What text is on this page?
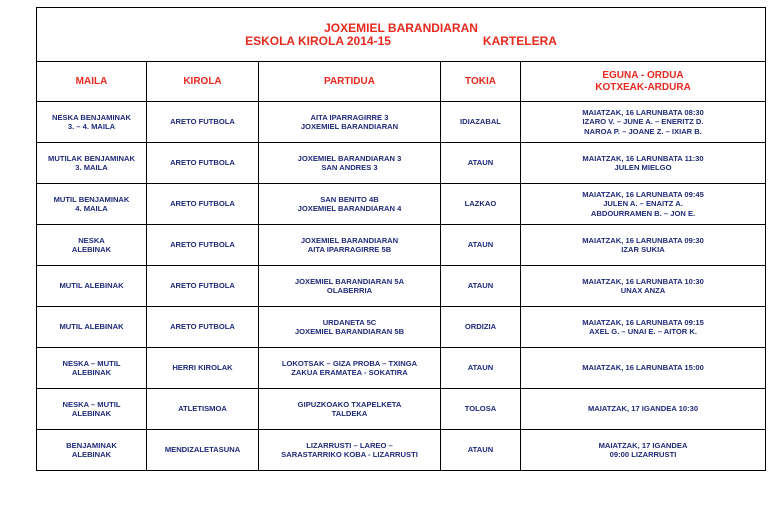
JOXEMIEL BARANDIARAN
ESKOLA KIROLA 2014-15 KARTELERA				

MAILA	KIROLA	PARTIDUA	TOKIA	EGUNA - ORDUA
KOTXEAK-ARDURA

NESKA BENJAMINAK
3. – 4. MAILA	ARETO FUTBOLA	AITA IPARRAGIRRE 3
JOXEMIEL BARANDIARAN	IDIAZABAL	MAIATZAK, 16 LARUNBATA 08:30
IZARO V. – JUNE A. – ENERITZ D.
NAROA P. – JOANE Z. – IXIAR B.

MUTILAK BENJAMINAK
3. MAILA	ARETO FUTBOLA	JOXEMIEL BARANDIARAN 3
SAN ANDRES 3	ATAUN	MAIATZAK, 16 LARUNBATA 11:30
JULEN MIELGO

MUTIL BENJAMINAK
4. MAILA	ARETO FUTBOLA	SAN BENITO 4B
JOXEMIEL BARANDIARAN 4	LAZKAO	MAIATZAK, 16 LARUNBATA 09:45
JULEN A. – ENAITZ A.
ABDOURRAMEN B. – JON E.

NESKA
ALEBINAK	ARETO FUTBOLA	JOXEMIEL BARANDIARAN
AITA IPARRAGIRRE 5B	ATAUN	MAIATZAK, 16 LARUNBATA 09:30
IZAR SUKIA

MUTIL ALEBINAK	ARETO FUTBOLA	JOXEMIEL BARANDIARAN 5A
OLABERRIA	ATAUN	MAIATZAK, 16 LARUNBATA 10:30
UNAX ANZA

MUTIL ALEBINAK	ARETO FUTBOLA	URDANETA 5C
JOXEMIEL BARANDIARAN 5B	ORDIZIA	MAIATZAK, 16 LARUNBATA 09:15
AXEL G. – UNAI E. – AITOR K.

NESKA – MUTIL
ALEBINAK	HERRI KIROLAK	LOKOTSAK – GIZA PROBA – TXINGA
ZAKUA ERAMATEA - SOKATIRA	ATAUN	MAIATZAK, 16 LARUNBATA 15:00

NESKA – MUTIL
ALEBINAK	ATLETISMOA	GIPUZKOAKO TXAPELKETA
TALDEKA	TOLOSA	MAIATZAK, 17 IGANDEA 10:30

BENJAMINAK
ALEBINAK	MENDIZALETASUNA	LIZARRUSTI – LAREO –
SARASTARRIKO KOBA - LIZARRUSTI	ATAUN	MAIATZAK, 17 IGANDEA
09:00 LIZARRUSTI
